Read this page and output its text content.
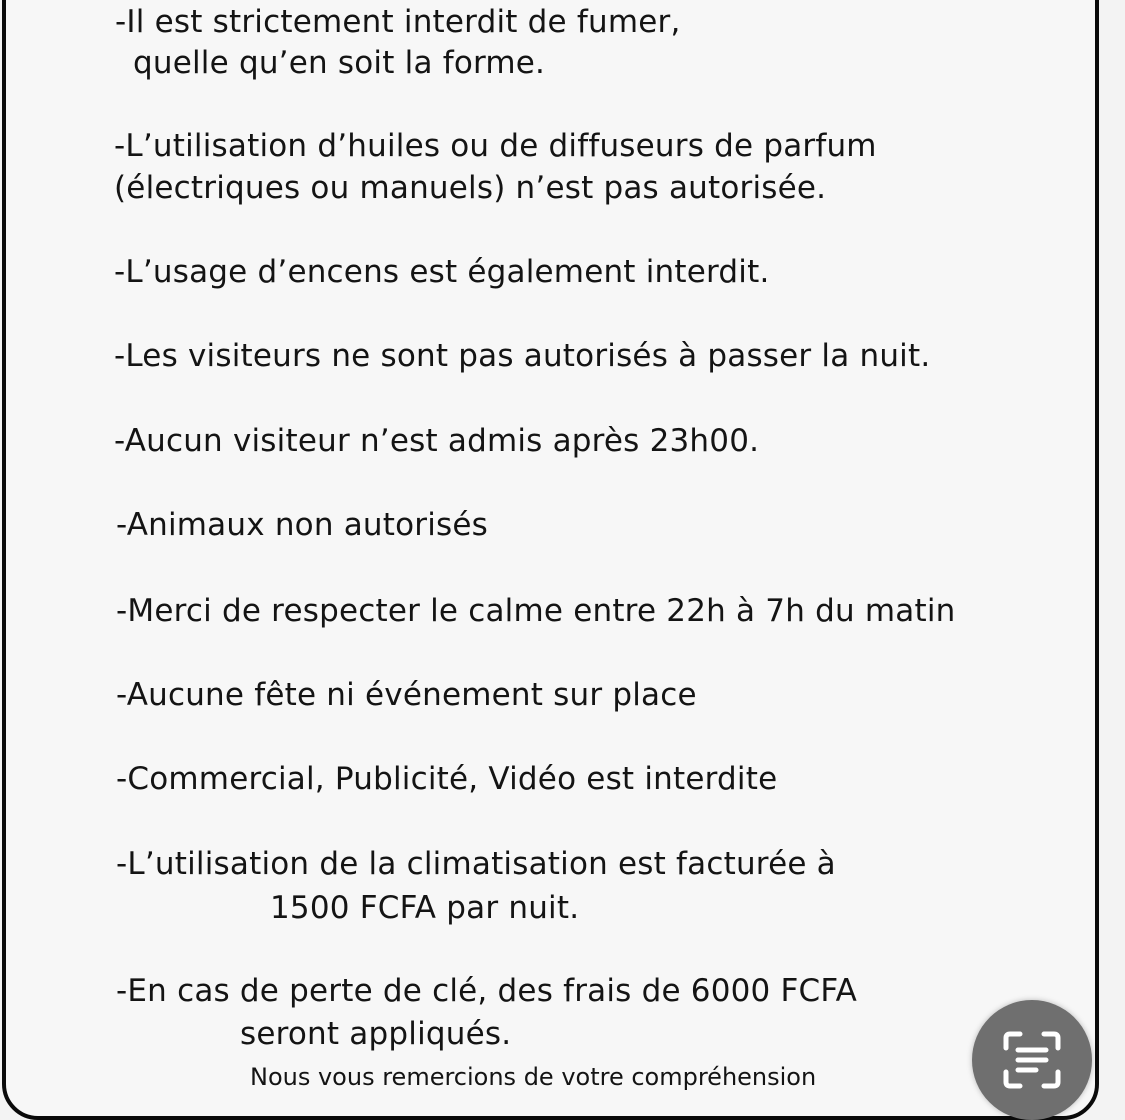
-Il est strictement interdit de fumer,

quelle qu’en soit la forme.

-L’utilisation d’huiles ou de diffuseurs de parfum

(électriques ou manuels) n’est pas autorisée.

-L’usage d’encens est également interdit.

-Les visiteurs ne sont pas autorisés à passer la nuit.

-Aucun visiteur n’est admis après 23h00.

-Animaux non autorisés

-Merci de respecter le calme entre 22h à 7h du matin

-Aucune fête ni événement sur place

-Commercial, Publicité, Vidéo est interdite

-L’utilisation de la climatisation est facturée à

1500 FCFA par nuit.

-En cas de perte de clé, des frais de 6000 FCFA

seront appliqués.

Nous vous remercions de votre compréhension
